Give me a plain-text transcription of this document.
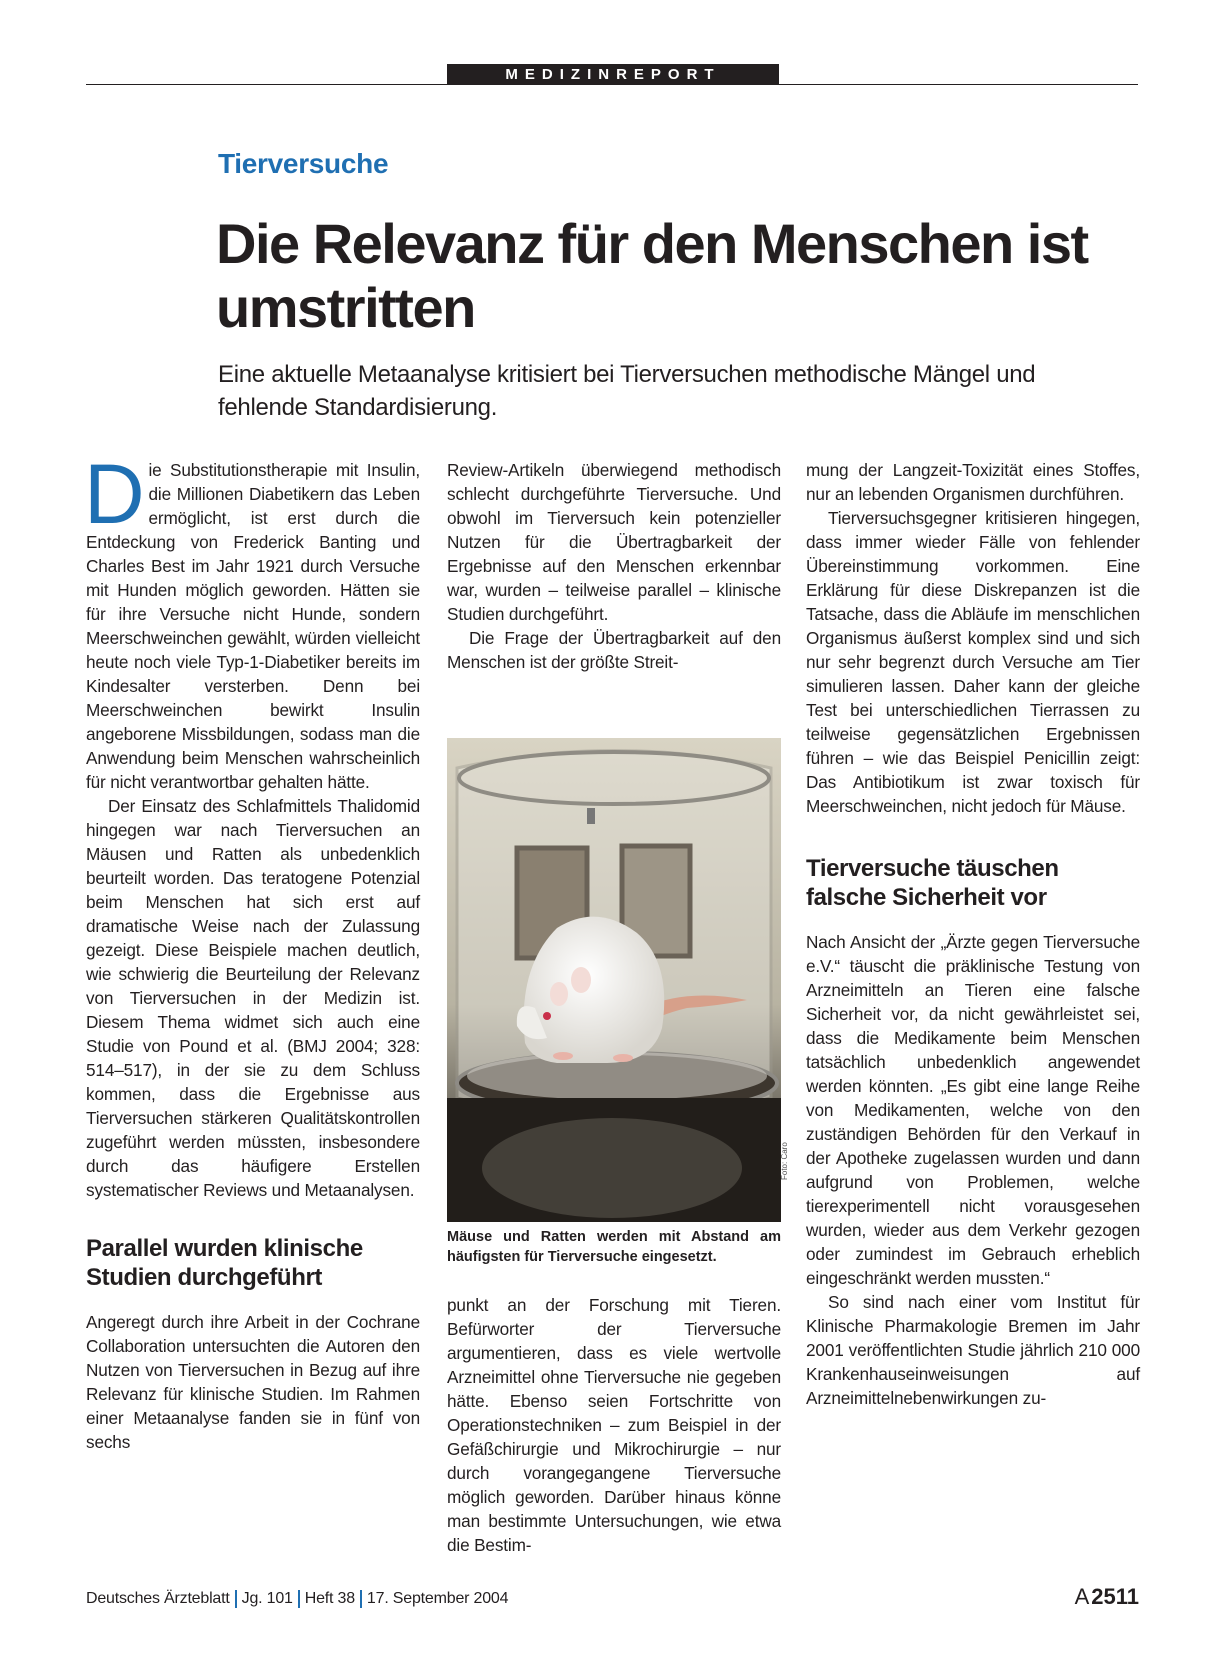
MEDIZINREPORT
Tierversuche
Die Relevanz für den Menschen ist umstritten

Eine aktuelle Metaanalyse kritisiert bei Tierversuchen methodische Mängel und fehlende Standardisierung.

Die Substitutionstherapie mit Insulin, die Millionen Diabetikern das Leben ermöglicht, ist erst durch die Entdeckung von Frederick Banting und Charles Best im Jahr 1921 durch Versuche mit Hunden möglich geworden. Hätten sie für ihre Versuche nicht Hunde, sondern Meerschweinchen gewählt, würden vielleicht heute noch viele Typ-1-Diabetiker bereits im Kindesalter versterben. Denn bei Meerschweinchen bewirkt Insulin angeborene Missbildungen, sodass man die Anwendung beim Menschen wahrscheinlich für nicht verantwortbar gehalten hätte.

Der Einsatz des Schlafmittels Thalidomid hingegen war nach Tierversuchen an Mäusen und Ratten als unbedenklich beurteilt worden. Das teratogene Potenzial beim Menschen hat sich erst auf dramatische Weise nach der Zulassung gezeigt. Diese Beispiele machen deutlich, wie schwierig die Beurteilung der Relevanz von Tierversuchen in der Medizin ist. Diesem Thema widmet sich auch eine Studie von Pound et al. (BMJ 2004; 328: 514–517), in der sie zu dem Schluss kommen, dass die Ergebnisse aus Tierversuchen stärkeren Qualitätskontrollen zugeführt werden müssten, insbesondere durch das häufigere Erstellen systematischer Reviews und Metaanalysen.

Parallel wurden klinische Studien durchgeführt

Angeregt durch ihre Arbeit in der Cochrane Collaboration untersuchten die Autoren den Nutzen von Tierversuchen in Bezug auf ihre Relevanz für klinische Studien. Im Rahmen einer Metaanalyse fanden sie in fünf von sechs

Review-Artikeln überwiegend methodisch schlecht durchgeführte Tierversuche. Und obwohl im Tierversuch kein potenzieller Nutzen für die Übertragbarkeit der Ergebnisse auf den Menschen erkennbar war, wurden – teilweise parallel – klinische Studien durchgeführt.

Die Frage der Übertragbarkeit auf den Menschen ist der größte Streit-

Foto: Caro

Mäuse und Ratten werden mit Abstand am häufigsten für Tierversuche eingesetzt.

punkt an der Forschung mit Tieren. Befürworter der Tierversuche argumentieren, dass es viele wertvolle Arzneimittel ohne Tierversuche nie gegeben hätte. Ebenso seien Fortschritte von Operationstechniken – zum Beispiel in der Gefäßchirurgie und Mikrochirurgie – nur durch vorangegangene Tierversuche möglich geworden. Darüber hinaus könne man bestimmte Untersuchungen, wie etwa die Bestim-

mung der Langzeit-Toxizität eines Stoffes, nur an lebenden Organismen durchführen.

Tierversuchsgegner kritisieren hingegen, dass immer wieder Fälle von fehlender Übereinstimmung vorkommen. Eine Erklärung für diese Diskrepanzen ist die Tatsache, dass die Abläufe im menschlichen Organismus äußerst komplex sind und sich nur sehr begrenzt durch Versuche am Tier simulieren lassen. Daher kann der gleiche Test bei unterschiedlichen Tierrassen zu teilweise gegensätzlichen Ergebnissen führen – wie das Beispiel Penicillin zeigt: Das Antibiotikum ist zwar toxisch für Meerschweinchen, nicht jedoch für Mäuse.

Tierversuche täuschen falsche Sicherheit vor

Nach Ansicht der „Ärzte gegen Tierversuche e.V.“ täuscht die präklinische Testung von Arzneimitteln an Tieren eine falsche Sicherheit vor, da nicht gewährleistet sei, dass die Medikamente beim Menschen tatsächlich unbedenklich angewendet werden könnten. „Es gibt eine lange Reihe von Medikamenten, welche von den zuständigen Behörden für den Verkauf in der Apotheke zugelassen wurden und dann aufgrund von Problemen, welche tierexperimentell nicht vorausgesehen wurden, wieder aus dem Verkehr gezogen oder zumindest im Gebrauch erheblich eingeschränkt werden mussten.“

So sind nach einer vom Institut für Klinische Pharmakologie Bremen im Jahr 2001 veröffentlichten Studie jährlich 210 000 Krankenhauseinweisungen auf Arzneimittelnebenwirkungen zu-

Deutsches Ärzteblatt Jg. 101 Heft 38 17. September 2004	A2511
